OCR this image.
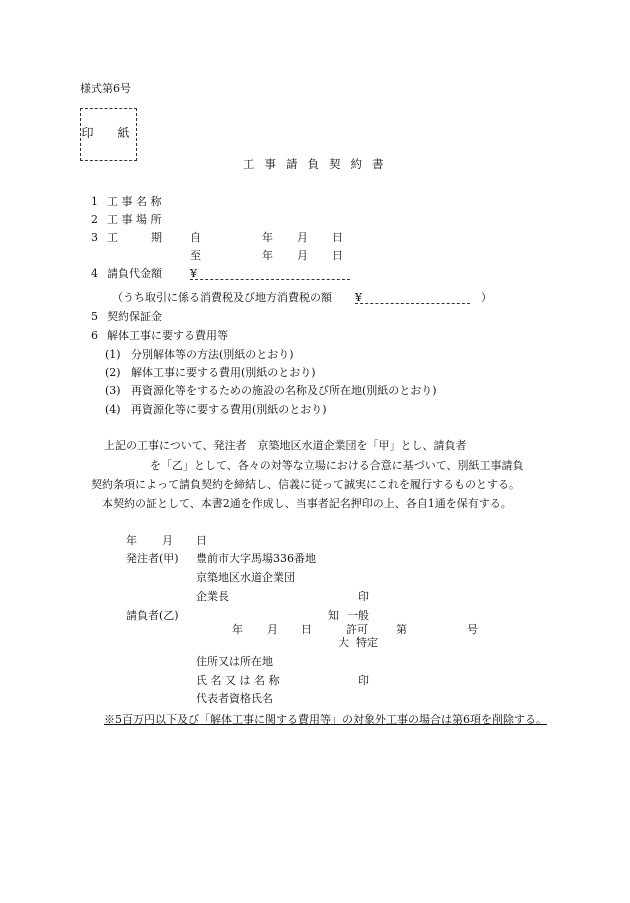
様式第6号
印　紙
工事請負契約書
1 工 事 名 称
2 工 事 場 所
3 工　　　期	自	年 月 日
至	年 月 日
4 請負代金額	¥
（うち取引に係る消費税及び地方消費税の額 ¥	）
5 契約保証金
6 解体工事に要する費用等
(1) 分別解体等の方法(別紙のとおり)
(2) 解体工事に要する費用(別紙のとおり)
(3) 再資源化等をするための施設の名称及び所在地(別紙のとおり)
(4) 再資源化等に要する費用(別紙のとおり)
上記の工事について、発注者　京築地区水道企業団を「甲」とし、請負者
を「乙」として、各々の対等な立場における合意に基づいて、別紙工事請負
契約条項によって請負契約を締結し、信義に従って誠実にこれを履行するものとする。
本契約の証として、本書2通を作成し、当事者記名押印の上、各自1通を保有する。
年 月 日
発注者(甲) 豊前市大字馬場336番地
京築地区水道企業団
企業長	印
請負者(乙)	知 一般
年 月 日	許可	第	号
大 特定
住所又は所在地
氏 名 又 は 名 称	印
代表者資格氏名
※5百万円以下及び「解体工事に関する費用等」の対象外工事の場合は第6項を削除する。
